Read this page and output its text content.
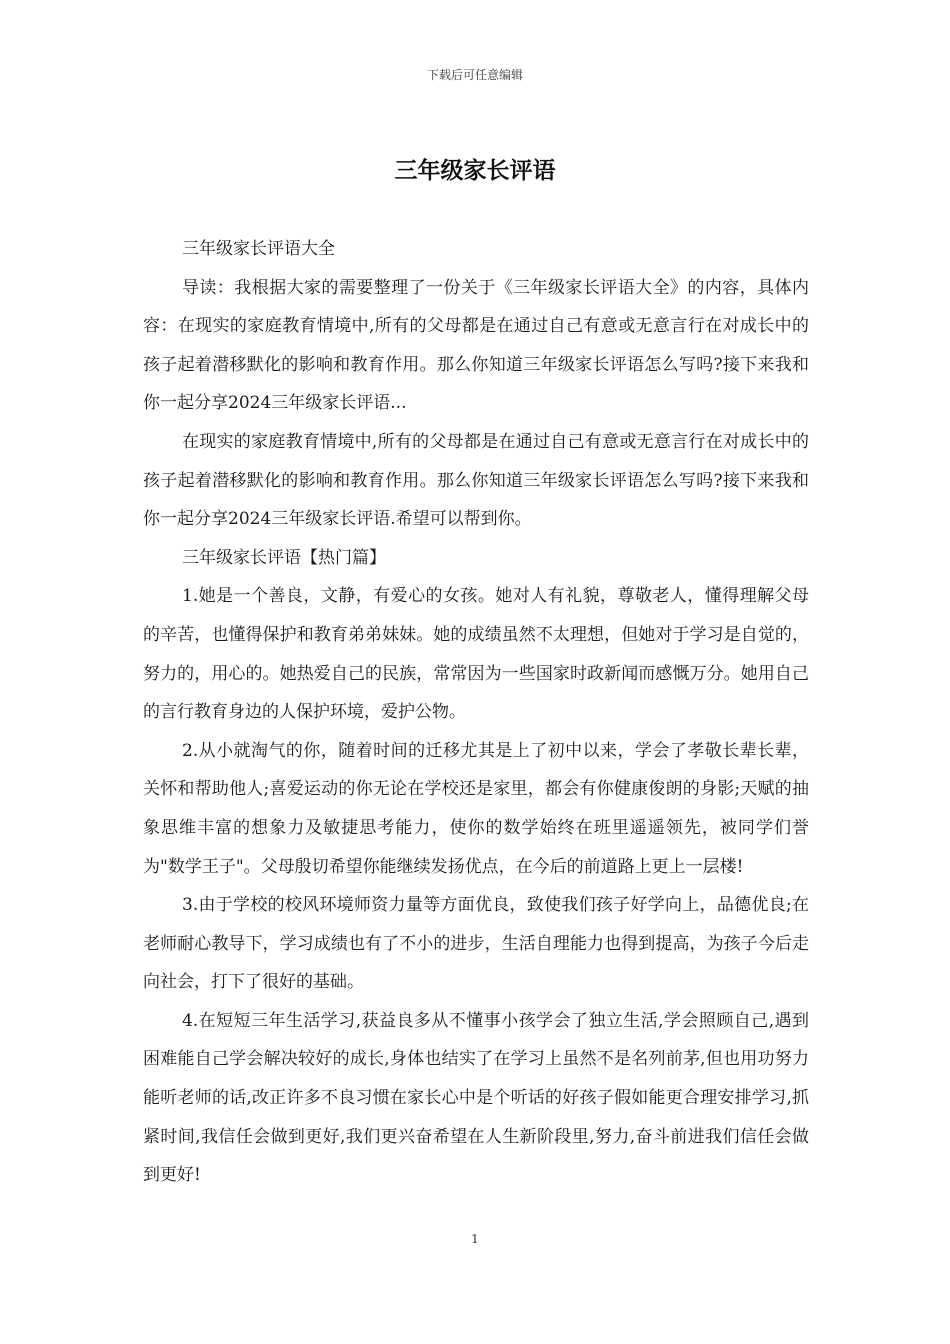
下载后可任意编辑
三年级家长评语

三年级家长评语大全

导读：我根据大家的需要整理了一份关于《三年级家长评语大全》的内容，具体内容：在现实的家庭教育情境中,所有的父母都是在通过自己有意或无意言行在对成长中的孩子起着潜移默化的影响和教育作用。那么你知道三年级家长评语怎么写吗?接下来我和你一起分享2024三年级家长评语...

在现实的家庭教育情境中,所有的父母都是在通过自己有意或无意言行在对成长中的孩子起着潜移默化的影响和教育作用。那么你知道三年级家长评语怎么写吗?接下来我和你一起分享2024三年级家长评语.希望可以帮到你。

三年级家长评语【热门篇】

1.她是一个善良，文静，有爱心的女孩。她对人有礼貌，尊敬老人，懂得理解父母的辛苦，也懂得保护和教育弟弟妹妹。她的成绩虽然不太理想，但她对于学习是自觉的，努力的，用心的。她热爱自己的民族，常常因为一些国家时政新闻而感慨万分。她用自己的言行教育身边的人保护环境，爱护公物。

2.从小就淘气的你，随着时间的迁移尤其是上了初中以来，学会了孝敬长辈长辈，关怀和帮助他人;喜爱运动的你无论在学校还是家里，都会有你健康俊朗的身影;天赋的抽象思维丰富的想象力及敏捷思考能力，使你的数学始终在班里遥遥领先，被同学们誉为"数学王子"。父母殷切希望你能继续发扬优点，在今后的前道路上更上一层楼!

3.由于学校的校风环境师资力量等方面优良，致使我们孩子好学向上，品德优良;在老师耐心教导下，学习成绩也有了不小的进步，生活自理能力也得到提高，为孩子今后走向社会，打下了很好的基础。

4.在短短三年生活学习,获益良多从不懂事小孩学会了独立生活,学会照顾自己,遇到困难能自己学会解决较好的成长,身体也结实了在学习上虽然不是名列前茅,但也用功努力能听老师的话,改正许多不良习惯在家长心中是个听话的好孩子假如能更合理安排学习,抓紧时间,我信任会做到更好,我们更兴奋希望在人生新阶段里,努力,奋斗前进我们信任会做到更好!

1
